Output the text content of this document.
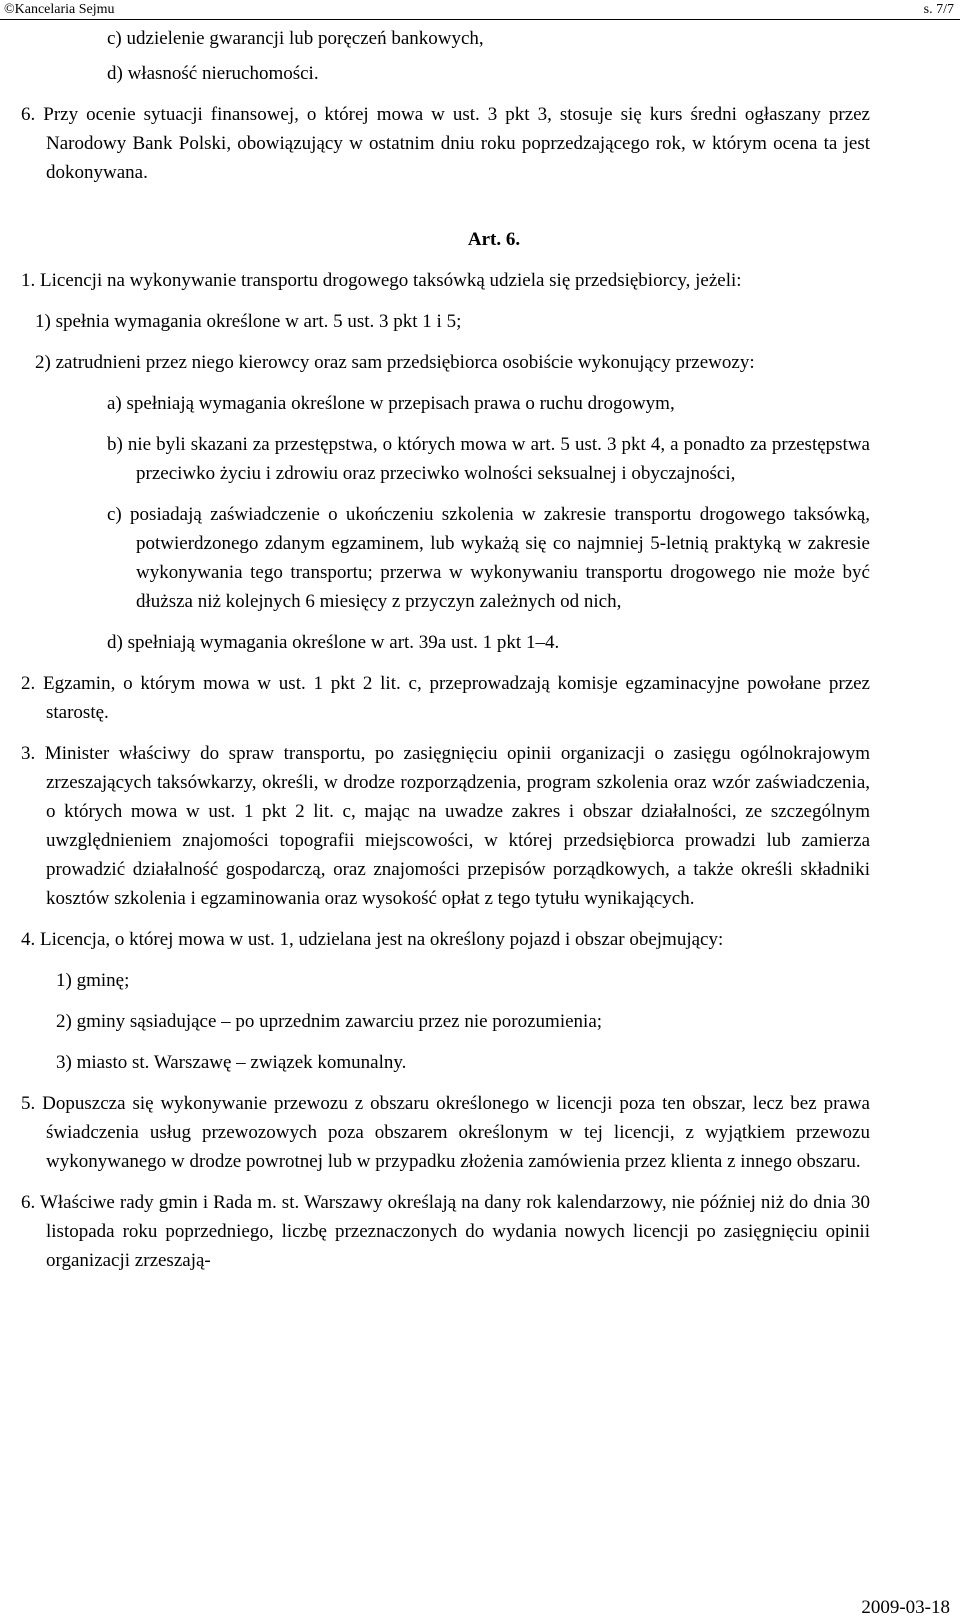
©Kancelaria Sejmu	s. 7/7
c) udzielenie gwarancji lub poręczeń bankowych,
d) własność nieruchomości.
6. Przy ocenie sytuacji finansowej, o której mowa w ust. 3 pkt 3, stosuje się kurs średni ogłaszany przez Narodowy Bank Polski, obowiązujący w ostatnim dniu roku poprzedzającego rok, w którym ocena ta jest dokonywana.
Art. 6.
1. Licencji na wykonywanie transportu drogowego taksówką udziela się przedsiębiorcy, jeżeli:
1) spełnia wymagania określone w art. 5 ust. 3 pkt 1 i 5;
2) zatrudnieni przez niego kierowcy oraz sam przedsiębiorca osobiście wykonujący przewozy:
a) spełniają wymagania określone w przepisach prawa o ruchu drogowym,
b) nie byli skazani za przestępstwa, o których mowa w art. 5 ust. 3 pkt 4, a ponadto za przestępstwa przeciwko życiu i zdrowiu oraz przeciwko wolności seksualnej i obyczajności,
c) posiadają zaświadczenie o ukończeniu szkolenia w zakresie transportu drogowego taksówką, potwierdzonego zdanym egzaminem, lub wykażą się co najmniej 5-letnią praktyką w zakresie wykonywania tego transportu; przerwa w wykonywaniu transportu drogowego nie może być dłuższa niż kolejnych 6 miesięcy z przyczyn zależnych od nich,
d) spełniają wymagania określone w art. 39a ust. 1 pkt 1–4.
2. Egzamin, o którym mowa w ust. 1 pkt 2 lit. c, przeprowadzają komisje egzaminacyjne powołane przez starostę.
3. Minister właściwy do spraw transportu, po zasięgnięciu opinii organizacji o zasięgu ogólnokrajowym zrzeszających taksówkarzy, określi, w drodze rozporządzenia, program szkolenia oraz wzór zaświadczenia, o których mowa w ust. 1 pkt 2 lit. c, mając na uwadze zakres i obszar działalności, ze szczególnym uwzględnieniem znajomości topografii miejscowości, w której przedsiębiorca prowadzi lub zamierza prowadzić działalność gospodarczą, oraz znajomości przepisów porządkowych, a także określi składniki kosztów szkolenia i egzaminowania oraz wysokość opłat z tego tytułu wynikających.
4. Licencja, o której mowa w ust. 1, udzielana jest na określony pojazd i obszar obejmujący:
1) gminę;
2) gminy sąsiadujące – po uprzednim zawarciu przez nie porozumienia;
3) miasto st. Warszawę – związek komunalny.
5. Dopuszcza się wykonywanie przewozu z obszaru określonego w licencji poza ten obszar, lecz bez prawa świadczenia usług przewozowych poza obszarem określonym w tej licencji, z wyjątkiem przewozu wykonywanego w drodze powrotnej lub w przypadku złożenia zamówienia przez klienta z innego obszaru.
6. Właściwe rady gmin i Rada m. st. Warszawy określają na dany rok kalendarzowy, nie później niż do dnia 30 listopada roku poprzedniego, liczbę przeznaczonych do wydania nowych licencji po zasięgnięciu opinii organizacji zrzeszają-
2009-03-18
